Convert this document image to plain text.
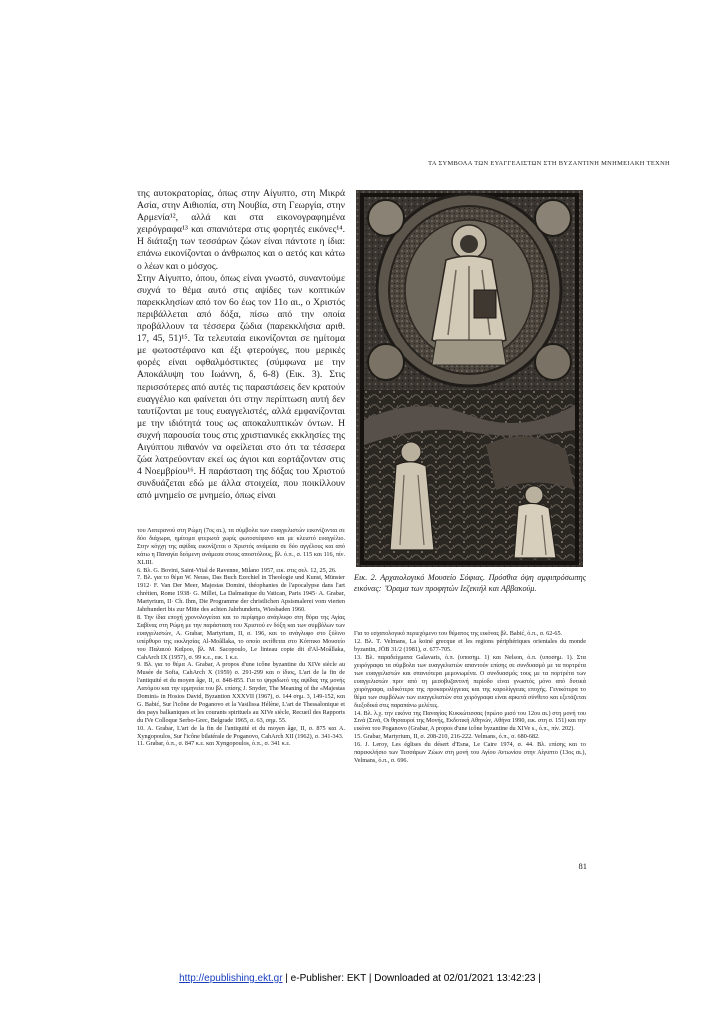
ΤΑ ΣΥΜΒΟΛΑ ΤΩΝ ΕΥΑΓΓΕΛΙΣΤΩΝ ΣΤΗ ΒΥΖΑΝΤΙΝΗ ΜΝΗΜΕΙΑΚΗ ΤΕΧΝΗ

της αυτοκρατορίας, όπως στην Αίγυπτο, στη Μικρά Ασία, στην Αιθιοπία, στη Νουβία, στη Γεωργία, στην Αρμενία¹², αλλά και στα εικονογραφημένα χειρόγραφα¹³ και σπανιότερα στις φορητές εικόνες¹⁴. Η διάταξη των τεσσάρων ζώων είναι πάντοτε η ίδια: επάνω εικονίζονται ο άνθρωπος και ο αετός και κάτω ο λέων και ο μόσχος.

Στην Αίγυπτο, όπου, όπως είναι γνωστό, συναντούμε συχνά το θέμα αυτό στις αψίδες των κοπτικών παρεκκλησίων από τον 6ο έως τον 11ο αι., ο Χριστός περιβάλλεται από δόξα, πίσω από την οποία προβάλλουν τα τέσσερα ζώδια (παρεκκλήσια αριθ. 17, 45, 51)¹⁵. Τα τελευταία εικονίζονται σε ημίτομα με φωτοστέφανο και έξι φτερούγες, που μερικές φορές είναι οφθαλμόστικτες (σύμφωνα με την Αποκάλυψη του Ιωάννη, δ, 6-8) (Εικ. 3). Στις περισσότερες από αυτές τις παραστάσεις δεν κρατούν ευαγγέλιο και φαίνεται ότι στην περίπτωση αυτή δεν ταυτίζονται με τους ευαγγελιστές, αλλά εμφανίζονται με την ιδιότητά τους ως αποκαλυπτικών όντων. Η συχνή παρουσία τους στις χριστιανικές εκκλησίες της Αιγύπτου πιθανόν να οφείλεται στο ότι τα τέσσερα ζώα λατρεύονταν εκεί ως άγιοι και εορτάζονταν στις 4 Νοεμβρίου¹⁶. Η παράσταση της δόξας του Χριστού συνδυάζεται εδώ με άλλα στοιχεία, που ποικίλλουν από μνημείο σε μνημείο, όπως είναι

Εικ. 2. Αρχαιολογικό Μουσείο Σόφιας. Πρόσθια όψη αμφιπρόσωπης εικόνας: ˙Όραμα των προφητών Ιεζεκιήλ και Αββακούμ.

του Λατερανού στη Ρώμη (7ος αι.), τα σύμβολα των ευαγγελιστών εικονίζονται σε δύο διάχωρα, ημίτομα φτερωτά χωρίς φωτοστέφανο και με κλειστό ευαγγέλιο. Στην κόγχη της αψίδας εικονίζεται ο Χριστός ανάμεσα σε δύο αγγέλους και από κάτω η Παναγία δεόμενη ανάμεσα στους αποστόλους, βλ. ό.π., σ. 115 και 116, πίν. XLIII.

6. Βλ. G. Bovini, Saint-Vital de Ravenne, Milano 1957, εικ. στις σελ. 12, 25, 26.

7. Βλ. για το θέμα W. Neuss, Das Buch Ezechiel in Theologie und Kunst, Münster 1912· F. Van Der Meer, Majestas Domini, théophanies de l'apocalypse dans l'art chrétien, Rome 1938· G. Millet, La Dalmatique du Vatican, Paris 1945· A. Grabar, Martyrium, II· Ch. Ihm, Die Programme der christlichen Apsismalerei vom vierten Jahrhundert bis zur Mitte des achten Jahrhunderts, Wiesbaden 1960.

8. Την ίδια εποχή χρονολογείται και το περίφημο ανάγλυφο στη θύρα της Αγίας Σαβίνας στη Ρώμη με την παράσταση του Χριστού εν δόξη και των συμβόλων των ευαγγελιστών, A. Grabar, Martyrium, II, σ. 196, και το ανάγλυφο στο ξύλινο υπέρθυρο της εκκλησίας Al-Moâllaka, το οποίο εκτίθεται στο Κόπτικο Μουσείο του Παλαιού Καΐρου, βλ. M. Sacopoulo, Le linteau copte dit d'Al-Moâllaka, CahArch IX (1957), σ. 99 κ.ε., εικ. 1 κ.ε.

9. Βλ. για το θέμα A. Grabar, A propos d'une icône byzantine du XIVe siècle au Musée de Sofia, CahArch X (1959) σ. 291-299 και ο ίδιος, L'art de la fin de l'antiquité et du moyen âge, II, σ. 848-855. Για το ψηφιδωτό της αψίδας της μονής Λατόμου και την ερμηνεία του βλ. επίσης J. Snyder, The Meaning of the «Majestas Domini» in Hosios David, Byzantion XXXVII (1967), σ. 144 σημ. 3, 149-152, και G. Babić, Sur l'icône de Poganovo et la Vasilissa Hélène, L'art de Thessalonique et des pays balkaniques et les courants spirituels au XIVe siècle, Recueil des Rapports du IVe Colloque Serbo-Grec, Belgrade 1965, σ. 63, σημ. 55.

10. A. Grabar, L'art de la fin de l'antiquité et du moyen âge, II, σ. 875 και A. Xyngopoulos, Sur l'icône bilatérale de Poganovo, CahArch XII (1962), σ. 341-343.

11. Grabar, ό.π., σ. 847 κ.ε. και Xyngopoulos, ό.π., σ. 341 κ.ε.

Για το εσχατολογικό περιεχόμενο του θέματος της εικόνας βλ. Babić, ό.π., σ. 62-65.

12. Βλ. T. Velmans, La koiné grecque et les regions périphériques orientales du monde byzantin, JÖB 31/2 (1981), σ. 677-705.

13. Βλ. παραδείγματα Galavaris, ό.π. (υποσημ. 1) και Nelson, ό.π. (υποσημ. 1). Στα χειρόγραφα τα σύμβολα των ευαγγελιστών απαντούν επίσης σε συνδυασμό με τα πορτρέτα των ευαγγελιστών και σπανιότερα μεμονωμένα. Ο συνδυασμός τους με τα πορτρέτα των ευαγγελιστών πριν από τη μεσοβυζαντινή περίοδο είναι γνωστός μόνο από δυτικά χειρόγραφα, ειδικότερα της προκαρολίγγειας και της καρολίγγειας εποχής. Γενικότερα το θέμα των συμβόλων των ευαγγελιστών στα χειρόγραφα είναι αρκετά σύνθετο και εξετάζεται διεξοδικά στις παραπάνω μελέτες.

14. Βλ. λ.χ. την εικόνα της Παναγίας Κυκκώτισσας (πρώτο μισό του 12ου αι.) στη μονή του Σινά (Σινά, Οι θησαυροί της Μονής, Εκδοτική Αθηνών, Αθήνα 1990, εικ. στη σ. 151) και την εικόνα του Poganovo (Grabar, A propos d'une icône byzantine du XIVe s., ό.π., πίν. 202).

15. Grabar, Martyrium, II, σ. 208-210, 216-222. Velmans, ό.π., σ. 680-682.

16. J. Leroy, Les églises du désert d'Esna, Le Caire 1974, σ. 44. Βλ. επίσης και το παρεκκλήσιο των Τεσσάρων Ζώων στη μονή του Αγίου Αντωνίου στην Αίγυπτο (13ος αι.), Velmans, ό.π., σ. 696.

81
http://epublishing.ekt.gr | e-Publisher: EKT | Downloaded at 02/01/2021 13:42:23 |
